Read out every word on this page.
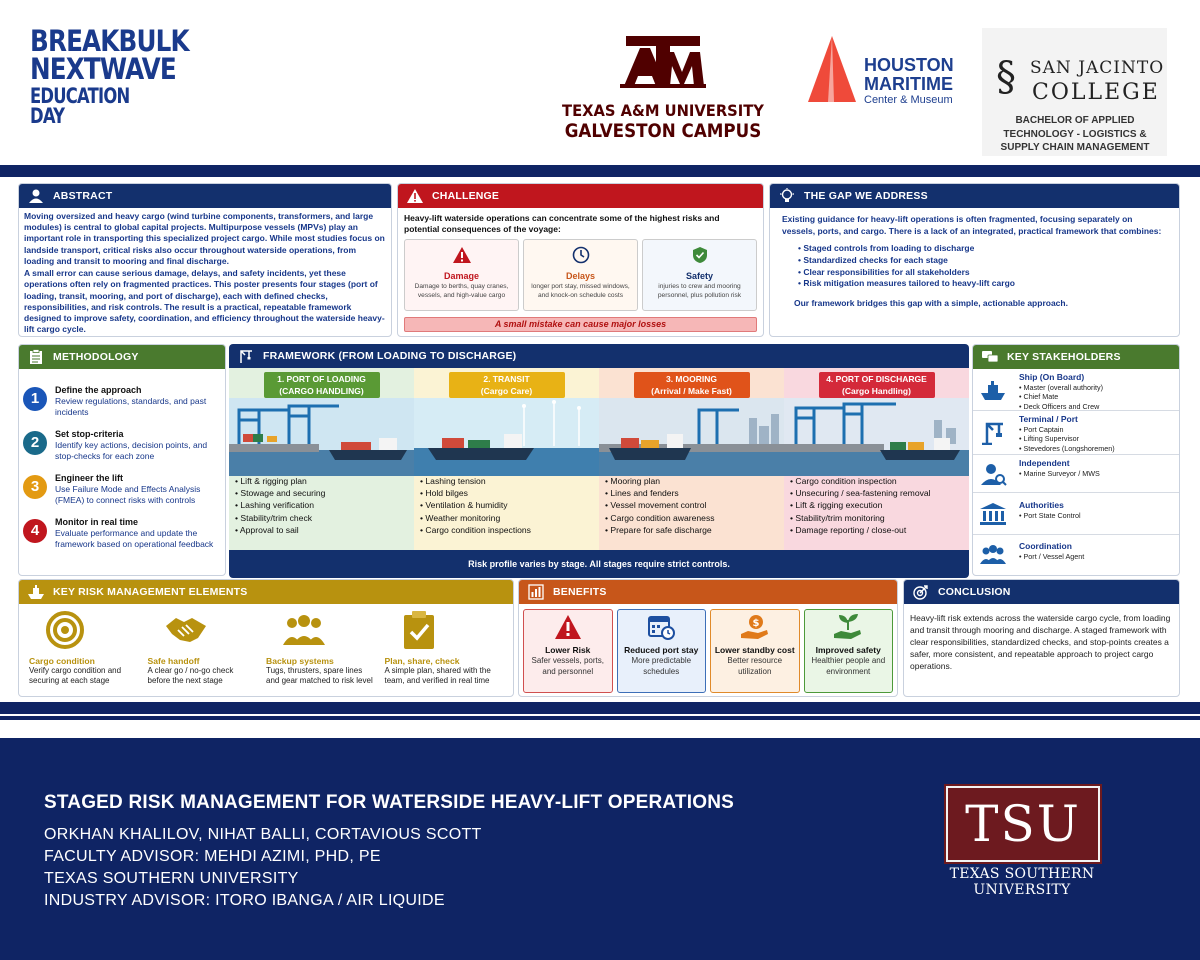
BREAKBULK
NEXTWAVE
EDUCATION DAY	TEXAS A&M UNIVERSITY
GALVESTON CAMPUS
HOUSTON
MARITIME
Center & Museum § SAN JACINTO
COLLEGE
BACHELOR OF APPLIED TECHNOLOGY - LOGISTICS & SUPPLY CHAIN MANAGEMENT
ABSTRACT

Moving oversized and heavy cargo (wind turbine components, transformers, and large modules) is central to global capital projects. Multipurpose vessels (MPVs) play an important role in transporting this specialized project cargo. While most studies focus on landside transport, critical risks also occur throughout waterside operations, from loading and transit to mooring and final discharge.

A small error can cause serious damage, delays, and safety incidents, yet these operations often rely on fragmented practices. This poster presents four stages (port of loading, transit, mooring, and port of discharge), each with defined checks, responsibilities, and risk controls. The result is a practical, repeatable framework designed to improve safety, coordination, and efficiency throughout the waterside heavy-lift cargo cycle.

CHALLENGE
Heavy-lift waterside operations can concentrate some of the highest risks and potential consequences of the voyage:
Damage
Damage to berths, quay cranes, vessels, and high-value cargo
Delays
longer port stay, missed windows, and knock-on schedule costs
Safety
injuries to crew and mooring personnel, plus pollution risk
A small mistake can cause major losses
THE GAP WE ADDRESS
Existing guidance for heavy-lift operations is often fragmented, focusing separately on vessels, ports, and cargo. There is a lack of an integrated, practical framework that combines:
• Staged controls from loading to discharge
• Standardized checks for each stage
• Clear responsibilities for all stakeholders
• Risk mitigation measures tailored to heavy-lift cargo
Our framework bridges this gap with a simple, actionable approach.
METHODOLOGY
1	Define the approach
Review regulations, standards, and past incidents
2	Set stop-criteria
Identify key actions, decision points, and stop-checks for each zone
3	Engineer the lift
Use Failure Mode and Effects Analysis (FMEA) to connect risks with controls
4	Monitor in real time
Evaluate performance and update the framework based on operational feedback
FRAMEWORK (FROM LOADING TO DISCHARGE)
1. PORT OF LOADING
(CARGO HANDLING)
• Lift & rigging plan
• Stowage and securing
• Lashing verification
• Stability/trim check
• Approval to sail
2. TRANSIT
(Cargo Care)
• Lashing tension
• Hold bilges
• Ventilation & humidity
• Weather monitoring
• Cargo condition inspections
3. MOORING
(Arrival / Make Fast)
• Mooring plan
• Lines and fenders
• Vessel movement control
• Cargo condition awareness
• Prepare for safe discharge
4. PORT OF DISCHARGE
(Cargo Handling)
• Cargo condition inspection
• Unsecuring / sea-fastening removal
• Lift & rigging execution
• Stability/trim monitoring
• Damage reporting / close-out
Risk profile varies by stage. All stages require strict controls.
KEY STAKEHOLDERS
Ship (On Board)
• Master (overall authority)
• Chief Mate
• Deck Officers and Crew
Terminal / Port
• Port Captain
• Lifting Supervisor
• Stevedores (Longshoremen)
Independent
• Marine Surveyor / MWS
Authorities
• Port State Control
Coordination
• Port / Vessel Agent
KEY RISK MANAGEMENT ELEMENTS
Cargo condition
Verify cargo condition and securing at each stage
Safe handoff
A clear go / no-go check before the next stage
Backup systems
Tugs, thrusters, spare lines and gear matched to risk level
Plan, share, check
A simple plan, shared with the team, and verified in real time
BENEFITS
Lower Risk
Safer vessels, ports, and personnel
Reduced port stay
More predictable schedules
$
Lower standby cost
Better resource utilization
Improved safety
Healthier people and environment
CONCLUSION
Heavy-lift risk extends across the waterside cargo cycle, from loading and transit through mooring and discharge. A staged framework with clear responsibilities, standardized checks, and stop-points creates a safer, more consistent, and repeatable approach to project cargo operations.
STAGED RISK MANAGEMENT FOR WATERSIDE HEAVY-LIFT OPERATIONS
ORKHAN KHALILOV, NIHAT BALLI, CORTAVIOUS SCOTT
FACULTY ADVISOR: MEHDI AZIMI, PHD, PE
TEXAS SOUTHERN UNIVERSITY
INDUSTRY ADVISOR: ITORO IBANGA / AIR LIQUIDE
TSU
TEXAS SOUTHERN UNIVERSITY
